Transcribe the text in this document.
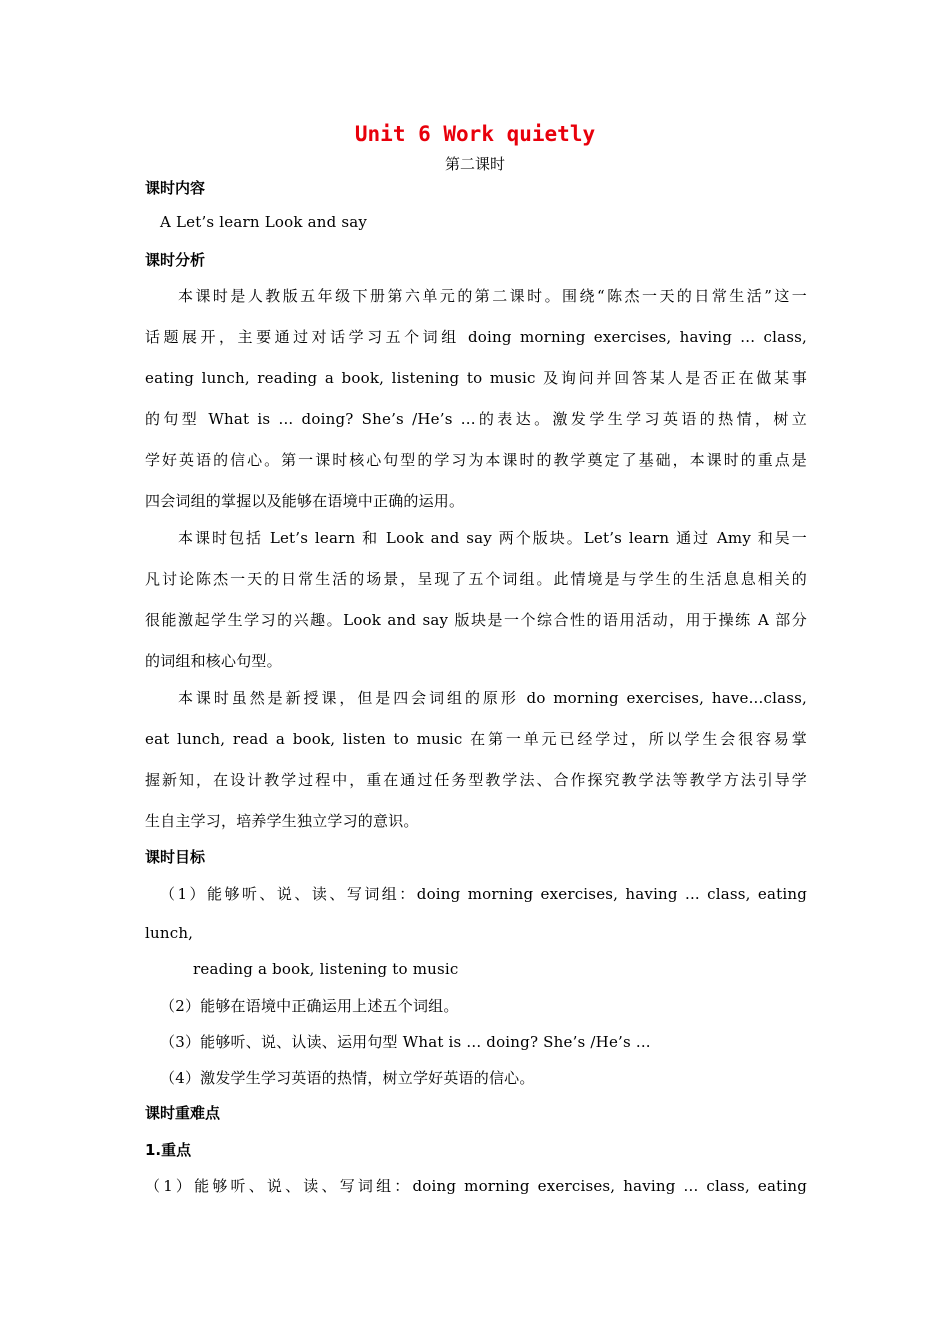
Unit 6 Work quietly
第二课时
课时内容
A Let’s learn Look and say
课时分析
本课时是人教版五年级下册第六单元的第二课时。围绕“陈杰一天的日常生活”这一
话题展开，主要通过对话学习五个词组 doing morning exercises, having ... class,
eating lunch, reading a book, listening to music 及询问并回答某人是否正在做某事
的句型 What is ... doing? She’s /He’s ...的表达。激发学生学习英语的热情，树立
学好英语的信心。第一课时核心句型的学习为本课时的教学奠定了基础，本课时的重点是
四会词组的掌握以及能够在语境中正确的运用。
本课时包括 Let’s learn 和 Look and say 两个版块。Let’s learn 通过 Amy 和吴一
凡讨论陈杰一天的日常生活的场景，呈现了五个词组。此情境是与学生的生活息息相关的
很能激起学生学习的兴趣。Look and say 版块是一个综合性的语用活动，用于操练 A 部分
的词组和核心句型。
本课时虽然是新授课，但是四会词组的原形 do morning exercises, have...class,
eat lunch, read a book, listen to music 在第一单元已经学过，所以学生会很容易掌
握新知，在设计教学过程中，重在通过任务型教学法、合作探究教学法等教学方法引导学
生自主学习，培养学生独立学习的意识。
课时目标
（1）能够听、说、读、写词组：doing morning exercises, having ... class, eating
lunch,
reading a book, listening to music
（2）能够在语境中正确运用上述五个词组。
（3）能够听、说、认读、运用句型 What is ... doing? She’s /He’s ...
（4）激发学生学习英语的热情，树立学好英语的信心。
课时重难点
1.重点
（1）能够听、说、读、写词组：doing morning exercises, having ... class, eating
